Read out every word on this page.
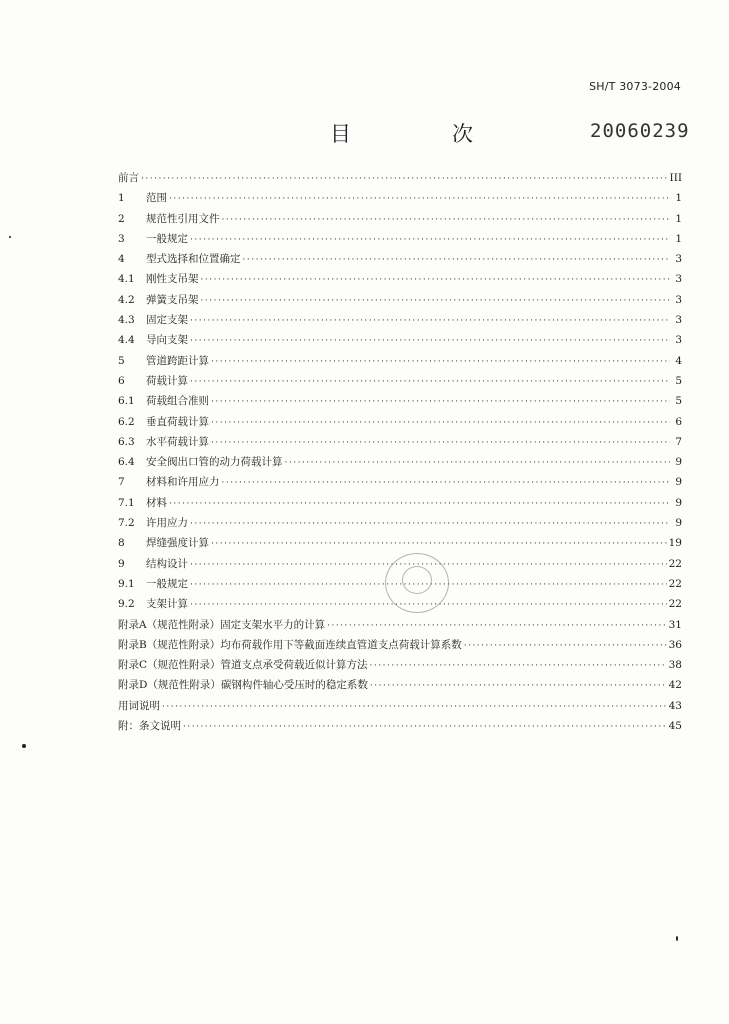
SH/T 3073-2004
目	次	20060239
前言 ·····	III
1	范围 ·····	1
2	规范性引用文件 ·····	1
3	一般规定 ·····	1
4	型式选择和位置确定 ·····	3
4.1	刚性支吊架 ·····	3
4.2	弹簧支吊架 ·····	3
4.3	固定支架 ·····	3
4.4	导向支架 ·····	3
5	管道跨距计算 ·····	4
6	荷载计算 ·····	5
6.1	荷载组合准则 ·····	5
6.2	垂直荷载计算 ·····	6
6.3	水平荷载计算 ·····	7
6.4	安全阀出口管的动力荷载计算 ·····	9
7	材料和许用应力 ·····	9
7.1	材料 ·····	9
7.2	许用应力 ·····	9
8	焊缝强度计算 ·····	19
9	结构设计 ·····	22
9.1	一般规定 ·····	22
9.2	支架计算 ·····	22
附录A（规范性附录）固定支架水平力的计算 ·····	31
附录B（规范性附录）均布荷载作用下等截面连续直管道支点荷载计算系数 ·····	36
附录C（规范性附录）管道支点承受荷载近似计算方法 ·····	38
附录D（规范性附录）碳钢构件轴心受压时的稳定系数 ·····	42
用词说明 ·····	43
附：条文说明 ·····	45
